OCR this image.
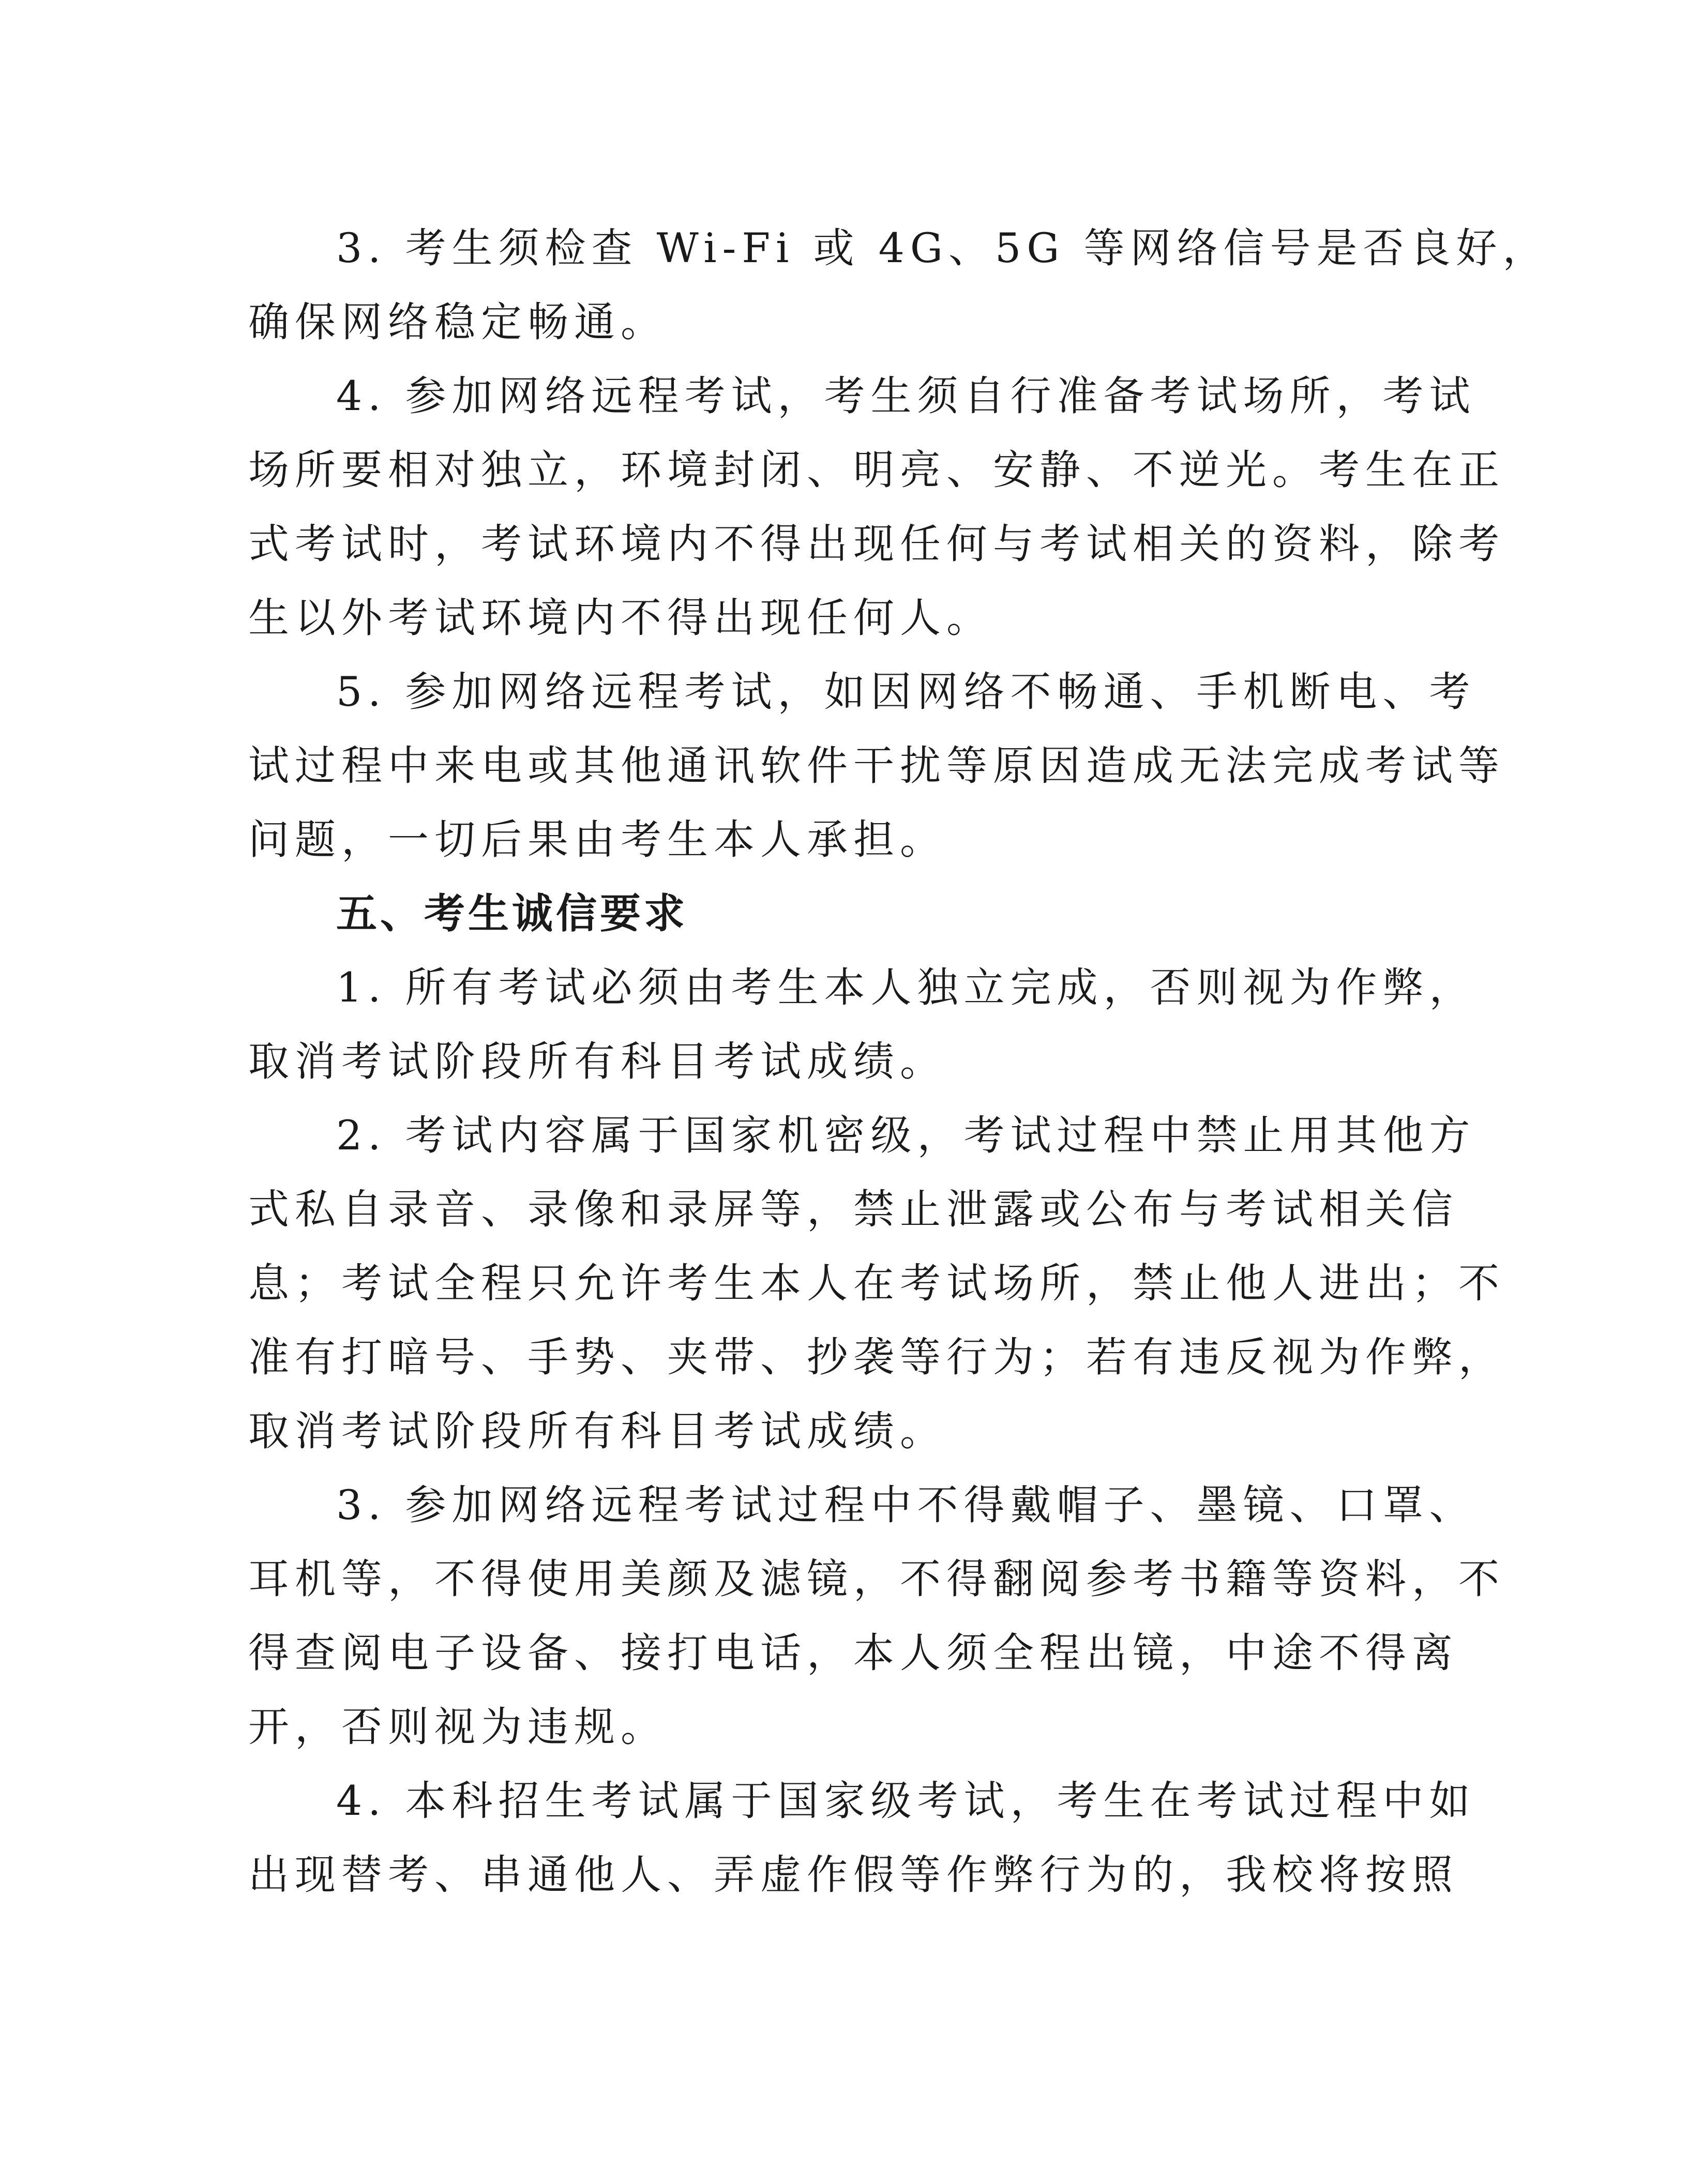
3. 考生须检查 Wi-Fi 或 4G、5G 等网络信号是否良好，
确保网络稳定畅通。
4. 参加网络远程考试，考生须自行准备考试场所，考试
场所要相对独立，环境封闭、明亮、安静、不逆光。考生在正
式考试时，考试环境内不得出现任何与考试相关的资料，除考
生以外考试环境内不得出现任何人。
5. 参加网络远程考试，如因网络不畅通、手机断电、考
试过程中来电或其他通讯软件干扰等原因造成无法完成考试等
问题，一切后果由考生本人承担。
五、考生诚信要求
1. 所有考试必须由考生本人独立完成，否则视为作弊，
取消考试阶段所有科目考试成绩。
2. 考试内容属于国家机密级，考试过程中禁止用其他方
式私自录音、录像和录屏等，禁止泄露或公布与考试相关信
息；考试全程只允许考生本人在考试场所，禁止他人进出；不
准有打暗号、手势、夹带、抄袭等行为；若有违反视为作弊，
取消考试阶段所有科目考试成绩。
3. 参加网络远程考试过程中不得戴帽子、墨镜、口罩、
耳机等，不得使用美颜及滤镜，不得翻阅参考书籍等资料，不
得查阅电子设备、接打电话，本人须全程出镜，中途不得离
开，否则视为违规。
4. 本科招生考试属于国家级考试，考生在考试过程中如
出现替考、串通他人、弄虚作假等作弊行为的，我校将按照
